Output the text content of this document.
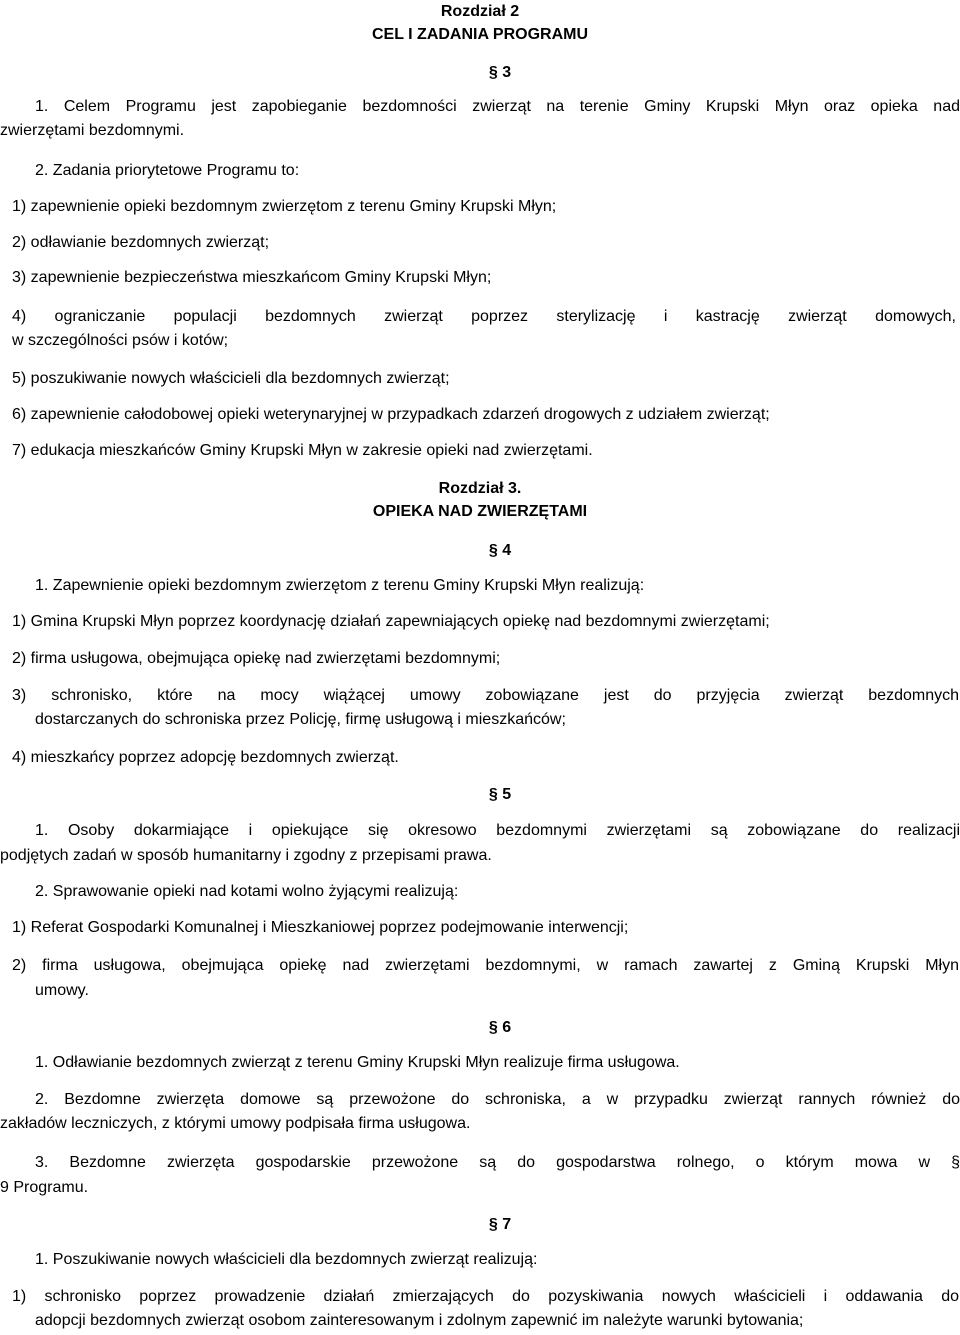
Rozdział 2
CEL I ZADANIA PROGRAMU
§ 3
1. Celem Programu jest zapobieganie bezdomności zwierząt na terenie Gminy Krupski Młyn oraz opieka nad
zwierzętami bezdomnymi.
2. Zadania priorytetowe Programu to:
1) zapewnienie opieki bezdomnym zwierzętom z terenu Gminy Krupski Młyn;
2) odławianie bezdomnych zwierząt;
3) zapewnienie bezpieczeństwa mieszkańcom Gminy Krupski Młyn;
4) ograniczanie populacji bezdomnych zwierząt poprzez sterylizację i kastrację zwierząt domowych,
w szczególności psów i kotów;
5) poszukiwanie nowych właścicieli dla bezdomnych zwierząt;
6) zapewnienie całodobowej opieki weterynaryjnej w przypadkach zdarzeń drogowych z udziałem zwierząt;
7) edukacja mieszkańców Gminy Krupski Młyn w zakresie opieki nad zwierzętami.
Rozdział 3.
OPIEKA NAD ZWIERZĘTAMI
§ 4
1. Zapewnienie opieki bezdomnym zwierzętom z terenu Gminy Krupski Młyn realizują:
1) Gmina Krupski Młyn poprzez koordynację działań zapewniających opiekę nad bezdomnymi zwierzętami;
2) firma usługowa, obejmująca opiekę nad zwierzętami bezdomnymi;
3) schronisko, które na mocy wiążącej umowy zobowiązane jest do przyjęcia zwierząt bezdomnych
dostarczanych do schroniska przez Policję, firmę usługową i mieszkańców;
4) mieszkańcy poprzez adopcję bezdomnych zwierząt.
§ 5
1. Osoby dokarmiające i opiekujące się okresowo bezdomnymi zwierzętami są zobowiązane do realizacji
podjętych zadań w sposób humanitarny i zgodny z przepisami prawa.
2. Sprawowanie opieki nad kotami wolno żyjącymi realizują:
1) Referat Gospodarki Komunalnej i Mieszkaniowej poprzez podejmowanie interwencji;
2) firma usługowa, obejmująca opiekę nad zwierzętami bezdomnymi, w ramach zawartej z Gminą Krupski Młyn
umowy.
§ 6
1. Odławianie bezdomnych zwierząt z terenu Gminy Krupski Młyn realizuje firma usługowa.
2. Bezdomne zwierzęta domowe są przewożone do schroniska, a w przypadku zwierząt rannych również do
zakładów leczniczych, z którymi umowy podpisała firma usługowa.
3. Bezdomne zwierzęta gospodarskie przewożone są do gospodarstwa rolnego, o którym mowa w §
9 Programu.
§ 7
1. Poszukiwanie nowych właścicieli dla bezdomnych zwierząt realizują:
1) schronisko poprzez prowadzenie działań zmierzających do pozyskiwania nowych właścicieli i oddawania do
adopcji bezdomnych zwierząt osobom zainteresowanym i zdolnym zapewnić im należyte warunki bytowania;
